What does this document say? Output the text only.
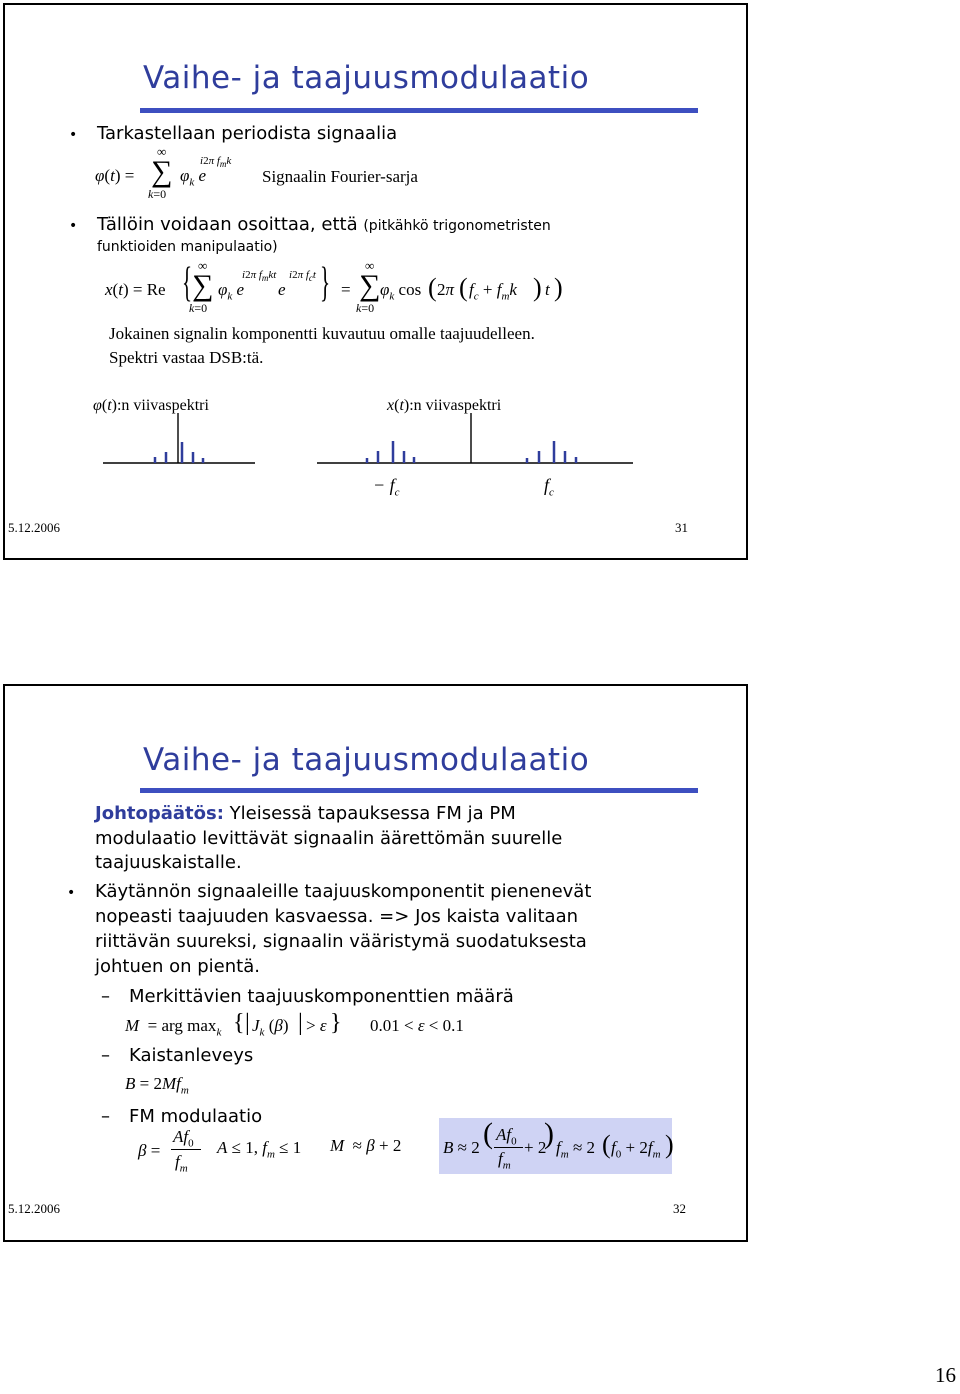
Vaihe- ja taajuusmodulaatio
• Tarkastellaan periodista signaalia
φ(t) =
∞
∑
k=0
$\varphi_k$ e
i2π $f_mk$
Signaalin Fourier-sarja
• Tällöin voidaan osoittaa, että (pitkähkö trigonometristen
funktioiden manipulaatio)
x(t) = Re { ∞
∑
k=0
$\varphi_k$ e
i2π $f_mkt$
e
i2π $f_ct$ } =
∞
∑
k=0
$\varphi_k$ cos ( 2π ( $f_c + f_mk$ ) t )
Jokainen signalin komponentti kuvautuu omalle taajuudelleen.
Spektri vastaa DSB:tä.
φ(t):n viivaspektri	x(t):n viivaspektri
− $f_c$	$f_c$
5.12.2006	31
Vaihe- ja taajuusmodulaatio
Johtopäätös: Yleisessä tapauksessa FM ja PM
modulaatio levittävät signaalin äärettömän suurelle
taajuuskaistalle.
• Käytännön signaaleille taajuuskomponentit pienenevät
nopeasti taajuuden kasvaessa. => Jos kaista valitaan
riittävän suureksi, signaalin vääristymä suodatuksesta
johtuen on pientä.
– Merkittävien taajuuskomponenttien määrä
M  = arg $\max_k$ { | $J_k$ (β) | > ε } 0.01 < ε < 0.1
– Kaistanleveys
$B = 2Mf_m$
– FM modulaatio
β =
$Af_0$
$f_m$
A ≤ 1, $f_m \le 1$ M  ≈ β + 2 B ≈ 2 ( $Af_0$
$f_m$
+ 2
) $f_m \approx 2$ ( $f_0 + 2f_m$ )
5.12.2006	32
16
